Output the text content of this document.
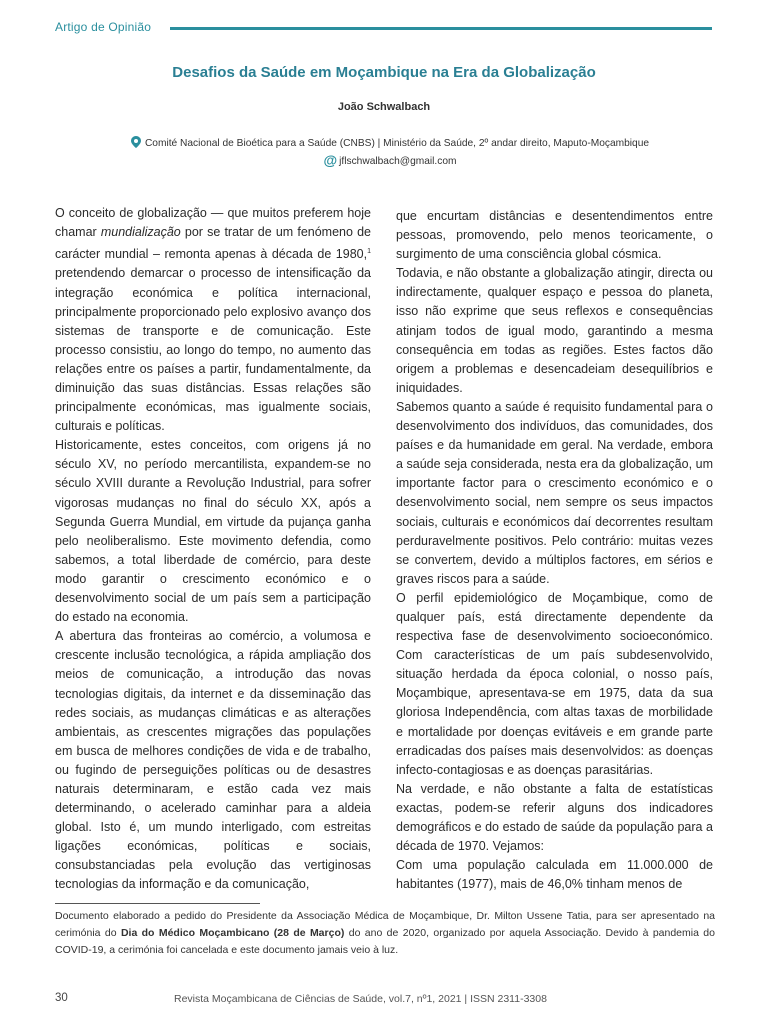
Artigo de Opinião
Desafios da Saúde em Moçambique na Era da Globalização
João Schwalbach
Comité Nacional de Bioética para a Saúde (CNBS) | Ministério da Saúde, 2º andar direito, Maputo-Moçambique
@ jflschwalbach@gmail.com

O conceito de globalização — que muitos preferem hoje chamar mundialização por se tratar de um fenómeno de carácter mundial – remonta apenas à década de 1980,$^1$ pretendendo demarcar o processo de intensificação da integração económica e política internacional, principalmente proporcionado pelo explosivo avanço dos sistemas de transporte e de comunicação. Este processo consistiu, ao longo do tempo, no aumento das relações entre os países a partir, fundamentalmente, da diminuição das suas distâncias. Essas relações são principalmente económicas, mas igualmente sociais, culturais e políticas.

Historicamente, estes conceitos, com origens já no século XV, no período mercantilista, expandem-se no século XVIII durante a Revolução Industrial, para sofrer vigorosas mudanças no final do século XX, após a Segunda Guerra Mundial, em virtude da pujança ganha pelo neoliberalismo. Este movimento defendia, como sabemos, a total liberdade de comércio, para deste modo garantir o crescimento económico e o desenvolvimento social de um país sem a participação do estado na economia.

A abertura das fronteiras ao comércio, a volumosa e crescente inclusão tecnológica, a rápida ampliação dos meios de comunicação, a introdução das novas tecnologias digitais, da internet e da disseminação das redes sociais, as mudanças climáticas e as alterações ambientais, as crescentes migrações das populações em busca de melhores condições de vida e de trabalho, ou fugindo de perseguições políticas ou de desastres naturais determinaram, e estão cada vez mais determinando, o acelerado caminhar para a aldeia global. Isto é, um mundo interligado, com estreitas ligações económicas, políticas e sociais, consubstanciadas pela evolução das vertiginosas tecnologias da informação e da comunicação,

que encurtam distâncias e desentendimentos entre pessoas, promovendo, pelo menos teoricamente, o surgimento de uma consciência global cósmica.

Todavia, e não obstante a globalização atingir, directa ou indirectamente, qualquer espaço e pessoa do planeta, isso não exprime que seus reflexos e consequências atinjam todos de igual modo, garantindo a mesma consequência em todas as regiões. Estes factos dão origem a problemas e desencadeiam desequilíbrios e iniquidades.

Sabemos quanto a saúde é requisito fundamental para o desenvolvimento dos indivíduos, das comunidades, dos países e da humanidade em geral. Na verdade, embora a saúde seja considerada, nesta era da globalização, um importante factor para o crescimento económico e o desenvolvimento social, nem sempre os seus impactos sociais, culturais e económicos daí decorrentes resultam perduravelmente positivos. Pelo contrário: muitas vezes se convertem, devido a múltiplos factores, em sérios e graves riscos para a saúde.

O perfil epidemiológico de Moçambique, como de qualquer país, está directamente dependente da respectiva fase de desenvolvimento socioeconómico. Com características de um país subdesenvolvido, situação herdada da época colonial, o nosso país, Moçambique, apresentava-se em 1975, data da sua gloriosa Independência, com altas taxas de morbilidade e mortalidade por doenças evitáveis e em grande parte erradicadas dos países mais desenvolvidos: as doenças infecto-contagiosas e as doenças parasitárias.

Na verdade, e não obstante a falta de estatísticas exactas, podem-se referir alguns dos indicadores demográficos e do estado de saúde da população para a década de 1970. Vejamos:

Com uma população calculada em 11.000.000 de habitantes (1977), mais de 46,0% tinham menos de

Documento elaborado a pedido do Presidente da Associação Médica de Moçambique, Dr. Milton Ussene Tatia, para ser apresentado na cerimónia do Dia do Médico Moçambicano (28 de Março) do ano de 2020, organizado por aquela Associação. Devido à pandemia do COVID-19, a cerimónia foi cancelada e este documento jamais veio à luz.
30	Revista Moçambicana de Ciências de Saúde, vol.7, nº1, 2021 | ISSN 2311-3308
